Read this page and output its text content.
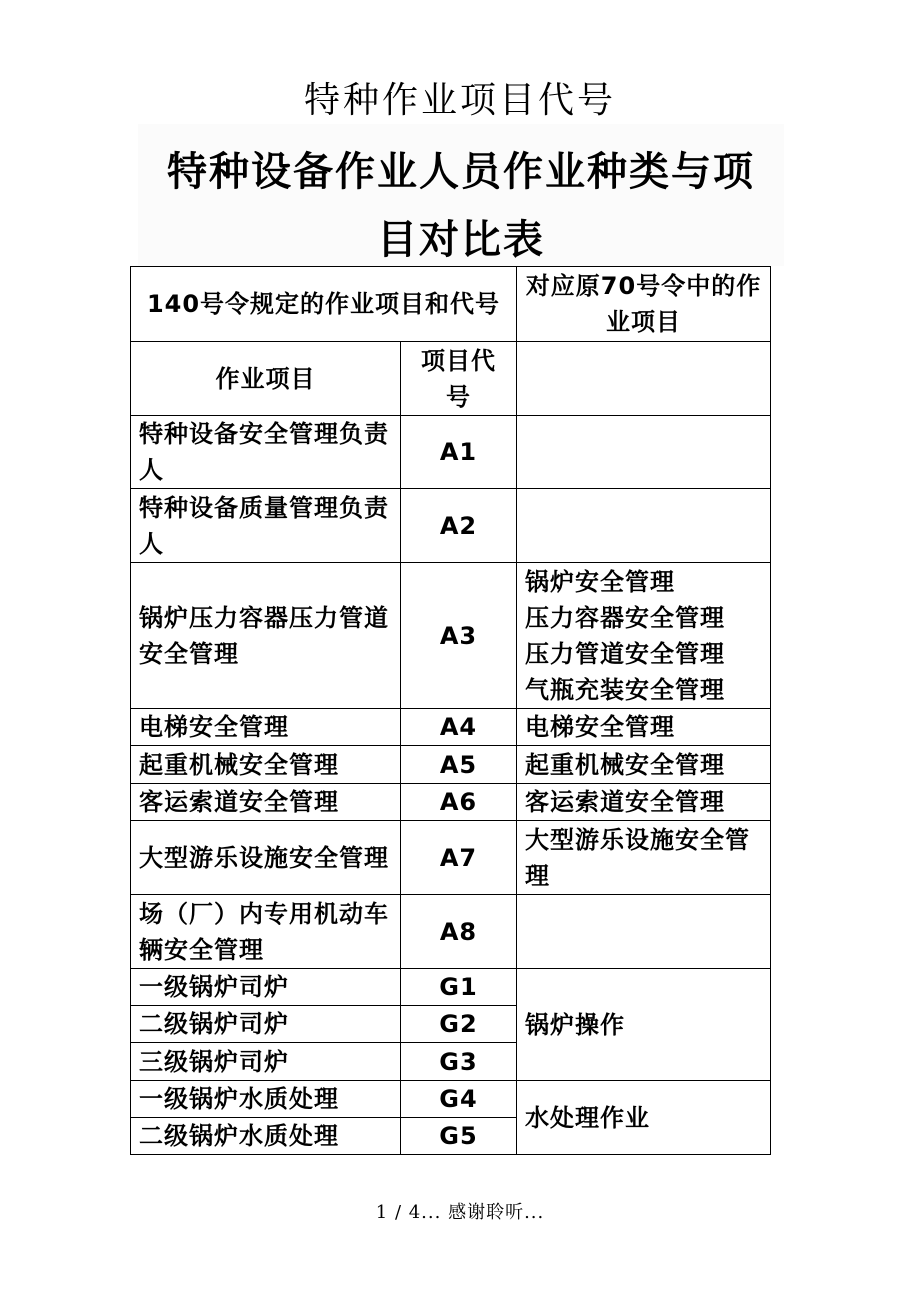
特种作业项目代号
特种设备作业人员作业种类与项
目对比表
140号令规定的作业项目和代号		对应原70号令中的作业项目
作业项目	项目代号	
特种设备安全管理负责人	A1	
特种设备质量管理负责人	A2	
锅炉压力容器压力管道安全管理	A3	锅炉安全管理
压力容器安全管理
压力管道安全管理
气瓶充装安全管理
电梯安全管理	A4	电梯安全管理
起重机械安全管理	A5	起重机械安全管理
客运索道安全管理	A6	客运索道安全管理
大型游乐设施安全管理	A7	大型游乐设施安全管理
场（厂）内专用机动车辆安全管理	A8	
一级锅炉司炉	G1	锅炉操作
二级锅炉司炉	G2	
三级锅炉司炉	G3	
一级锅炉水质处理	G4	水处理作业
二级锅炉水质处理	G5	
1 / 4... 感谢聆听...
